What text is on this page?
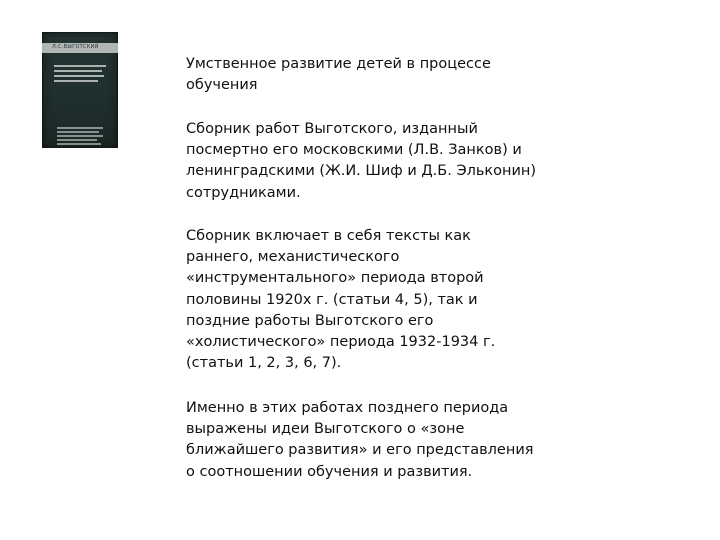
Л.С.ВЫГОТСКИЙ
Умственное развитие детей в процессе
обучения
Сборник работ Выготского, изданный
посмертно его московскими (Л.В. Занков) и
ленинградскими (Ж.И. Шиф и Д.Б. Эльконин)
сотрудниками.
Сборник включает в себя тексты как
раннего, механистического
«инструментального» периода второй
половины 1920х г. (статьи 4, 5), так и
поздние работы Выготского его
«холистического» периода 1932-1934 г.
(статьи 1, 2, 3, 6, 7).
Именно в этих работах позднего периода
выражены идеи Выготского о «зоне
ближайшего развития» и его представления
о соотношении обучения и развития.
